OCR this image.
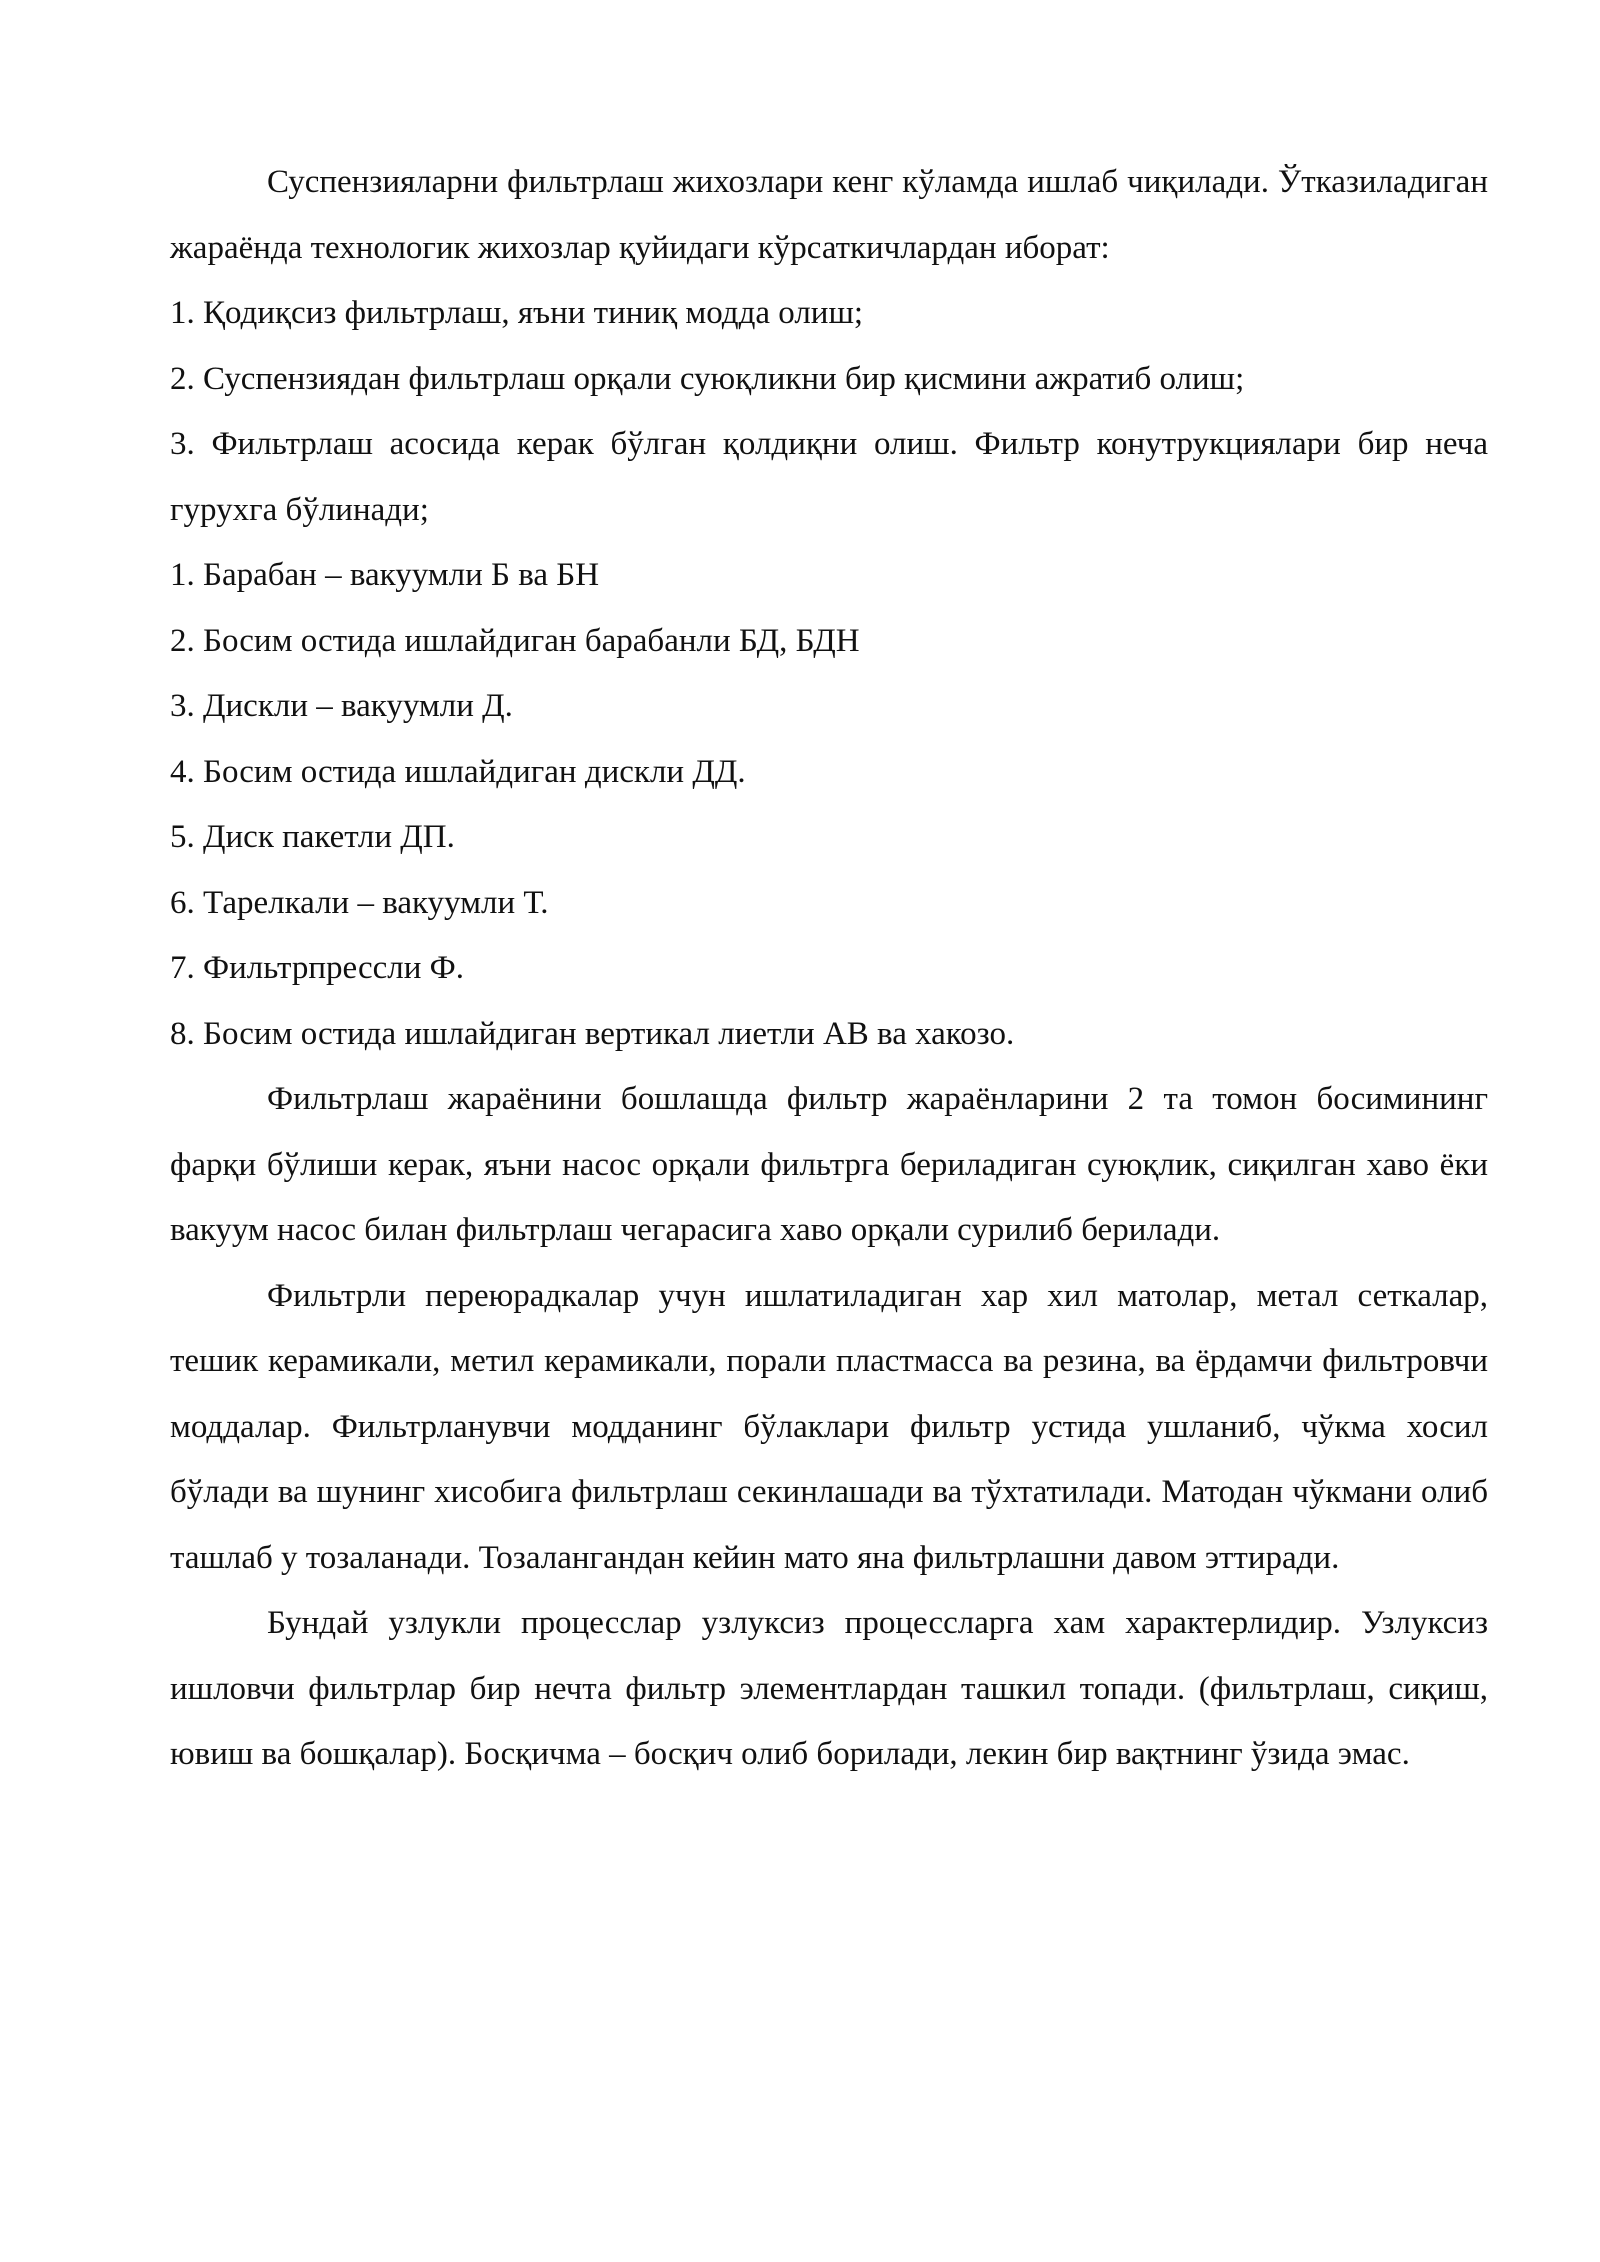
Суспензияларни фильтрлаш жихозлари кенг кўламда ишлаб чиқилади. Ўтказиладиган жараёнда технологик жихозлар қуйидаги кўрсаткичлардан иборат:

1. Қодиқсиз фильтрлаш, яъни тиниқ модда олиш;

2. Суспензиядан фильтрлаш орқали суюқликни бир қисмини ажратиб олиш;

3. Фильтрлаш асосида керак бўлган қолдиқни олиш. Фильтр конутрукциялари бир неча гурухга бўлинади;

1. Барабан – вакуумли Б ва БН

2. Босим остида ишлайдиган барабанли БД, БДН

3. Дискли – вакуумли Д.

4. Босим остида ишлайдиган дискли ДД.

5. Диск пакетли ДП.

6. Тарелкали – вакуумли Т.

7. Фильтрпрессли Ф.

8. Босим остида ишлайдиган вертикал лиетли АВ ва хакозо.

Фильтрлаш жараёнини бошлашда фильтр жараёнларини 2 та томон босимининг фарқи бўлиши керак, яъни насос орқали фильтрга бериладиган суюқлик, сиқилган хаво ёки вакуум насос билан фильтрлаш чегарасига хаво орқали сурилиб берилади.

Фильтрли переюрадкалар учун ишлатиладиган хар хил матолар, метал сеткалар, тешик керамикали, метил керамикали, порали пластмасса ва резина, ва ёрдамчи фильтровчи моддалар. Фильтрланувчи модданинг бўлаклари фильтр устида ушланиб, чўкма хосил бўлади ва шунинг хисобига фильтрлаш секинлашади ва тўхтатилади. Матодан чўкмани олиб ташлаб у тозаланади. Тозалангандан кейин мато яна фильтрлашни давом эттиради.

Бундай узлукли процесслар узлуксиз процессларга хам характерлидир. Узлуксиз ишловчи фильтрлар бир нечта фильтр элементлардан ташкил топади. (фильтрлаш, сиқиш, ювиш ва бошқалар). Босқичма – босқич олиб борилади, лекин бир вақтнинг ўзида эмас.
